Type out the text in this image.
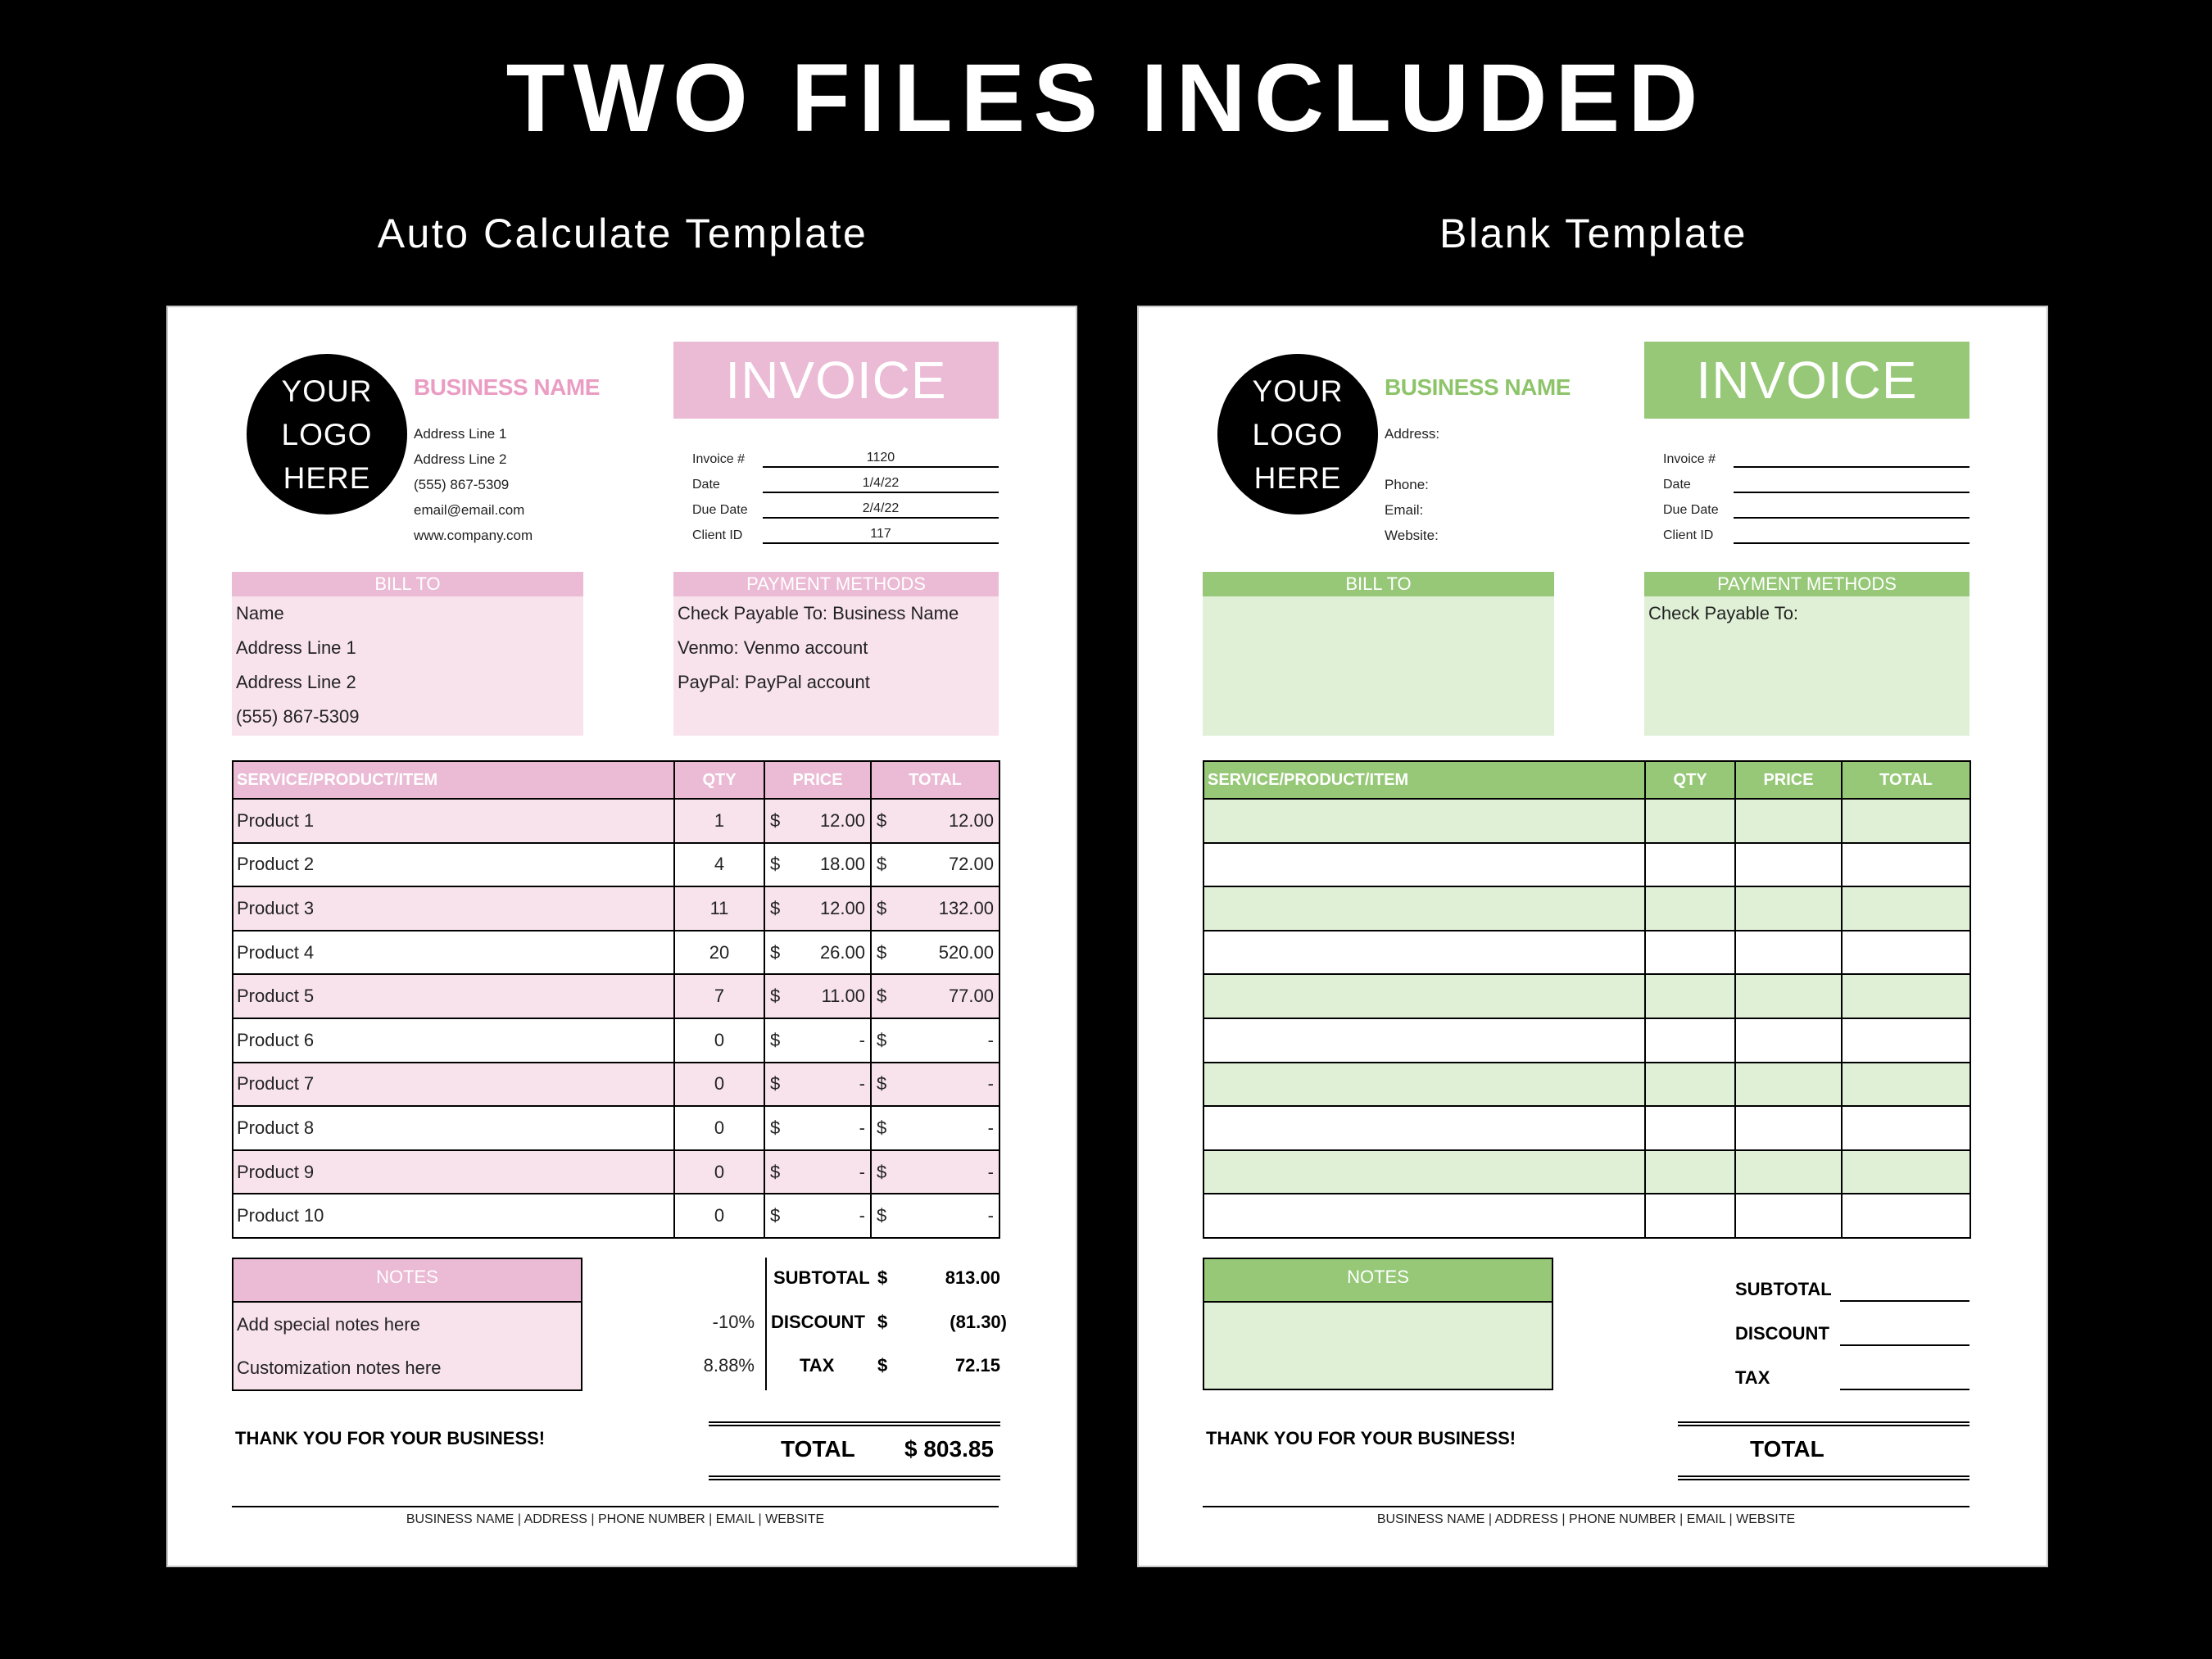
TWO FILES INCLUDED
Auto Calculate Template	Blank Template
YOUR
LOGO
HERE
BUSINESS NAME
Address Line 1
Address Line 2
(555) 867-5309
email@email.com
www.company.com
INVOICE
Invoice #	1120
Date	1/4/22
Due Date	2/4/22
Client ID	117
BILL TO
Name
Address Line 1
Address Line 2
(555) 867-5309
PAYMENT METHODS
Check Payable To: Business Name
Venmo: Venmo account
PayPal: PayPal account
SERVICE/PRODUCT/ITEM	QTY	PRICE	TOTAL
Product 1	1	$ 12.00	$ 12.00

Product 2	4	$ 18.00	$ 72.00

Product 3	11	$ 12.00	$ 132.00

Product 4	20	$ 26.00	$ 520.00

Product 5	7	$ 11.00	$ 77.00

Product 6	0	$ -	$ -

Product 7	0	$ -	$ -

Product 8	0	$ -	$ -

Product 9	0	$ -	$ -

Product 10	0	$ -	$ -
NOTES
Add special notes here
Customization notes here
SUBTOTAL $	813.00
-10% DISCOUNT $	(81.30)
8.88%	TAX $	72.15
THANK YOU FOR YOUR BUSINESS!	TOTAL	$ 803.85
BUSINESS NAME | ADDRESS | PHONE NUMBER | EMAIL | WEBSITE
YOUR
LOGO
HERE
BUSINESS NAME
Address:
Phone:
Email:
Website:
INVOICE
Invoice #
Date
Due Date
Client ID
BILL TO	PAYMENT METHODS
Check Payable To:
SERVICE/PRODUCT/ITEM	QTY	PRICE	TOTAL

NOTES
SUBTOTAL
DISCOUNT
TAX
THANK YOU FOR YOUR BUSINESS!	TOTAL
BUSINESS NAME | ADDRESS | PHONE NUMBER | EMAIL | WEBSITE
